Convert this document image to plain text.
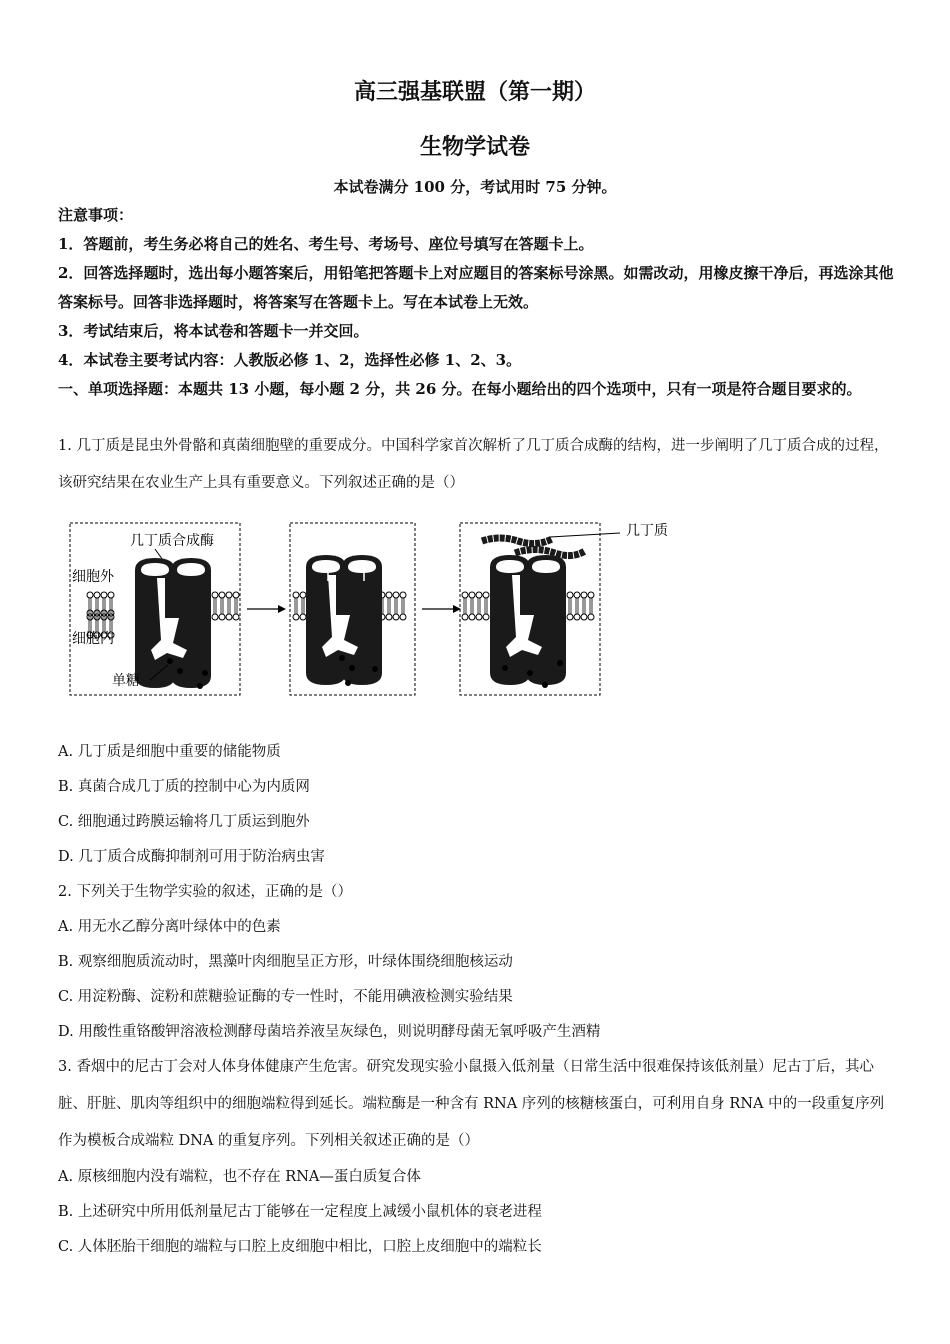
高三强基联盟（第一期）
生物学试卷
本试卷满分 100 分，考试用时 75 分钟。
注意事项：
1．答题前，考生务必将自己的姓名、考生号、考场号、座位号填写在答题卡上。
2．回答选择题时，选出每小题答案后，用铅笔把答题卡上对应题目的答案标号涂黑。如需改动，用橡皮擦干净后，再选涂其他答案标号。回答非选择题时，将答案写在答题卡上。写在本试卷上无效。
3．考试结束后，将本试卷和答题卡一并交回。
4．本试卷主要考试内容：人教版必修 1、2，选择性必修 1、2、3。
一、单项选择题：本题共 13 小题，每小题 2 分，共 26 分。在每小题给出的四个选项中，只有一项是符合题目要求的。
1. 几丁质是昆虫外骨骼和真菌细胞壁的重要成分。中国科学家首次解析了几丁质合成酶的结构，进一步阐明了几丁质合成的过程，该研究结果在农业生产上具有重要意义。下列叙述正确的是（）
几丁质合成酶
细胞外
细胞内
单糖
几丁质
A. 几丁质是细胞中重要的储能物质
B. 真菌合成几丁质的控制中心为内质网
C. 细胞通过跨膜运输将几丁质运到胞外
D. 几丁质合成酶抑制剂可用于防治病虫害
2. 下列关于生物学实验的叙述，正确的是（）
A. 用无水乙醇分离叶绿体中的色素
B. 观察细胞质流动时，黑藻叶肉细胞呈正方形，叶绿体围绕细胞核运动
C. 用淀粉酶、淀粉和蔗糖验证酶的专一性时，不能用碘液检测实验结果
D. 用酸性重铬酸钾溶液检测酵母菌培养液呈灰绿色，则说明酵母菌无氧呼吸产生酒精
3. 香烟中的尼古丁会对人体身体健康产生危害。研究发现实验小鼠摄入低剂量（日常生活中很难保持该低剂量）尼古丁后，其心脏、肝脏、肌肉等组织中的细胞端粒得到延长。端粒酶是一种含有 RNA 序列的核糖核蛋白，可利用自身 RNA 中的一段重复序列作为模板合成端粒 DNA 的重复序列。下列相关叙述正确的是（）
A. 原核细胞内没有端粒，也不存在 RNA—蛋白质复合体
B. 上述研究中所用低剂量尼古丁能够在一定程度上减缓小鼠机体的衰老进程
C. 人体胚胎干细胞的端粒与口腔上皮细胞中相比，口腔上皮细胞中的端粒长
